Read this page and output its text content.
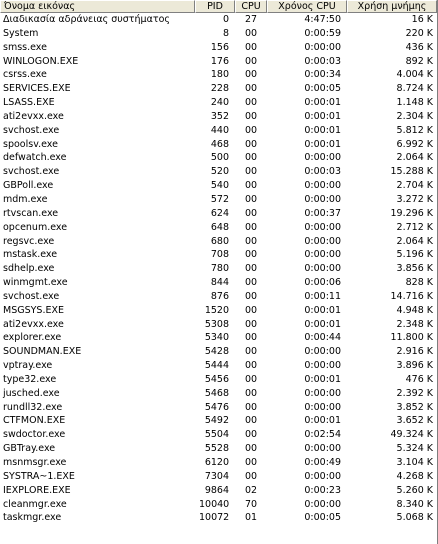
Όνομα εικόνας	PID	CPU	Χρόνος CPU	Χρήση μνήμης
Διαδικασία αδράνειας συστήματος	0	27	4:47:50	16 K
System	8	00	0:00:59	220 K
smss.exe	156	00	0:00:00	436 K
WINLOGON.EXE	176	00	0:00:03	892 K
csrss.exe	180	00	0:00:34	4.004 K
SERVICES.EXE	228	00	0:00:05	8.724 K
LSASS.EXE	240	00	0:00:01	1.148 K
ati2evxx.exe	352	00	0:00:01	2.304 K
svchost.exe	440	00	0:00:01	5.812 K
spoolsv.exe	468	00	0:00:01	6.992 K
defwatch.exe	500	00	0:00:00	2.064 K
svchost.exe	520	00	0:00:03	15.288 K
GBPoll.exe	540	00	0:00:00	2.704 K
mdm.exe	572	00	0:00:00	3.272 K
rtvscan.exe	624	00	0:00:37	19.296 K
opcenum.exe	648	00	0:00:00	2.712 K
regsvc.exe	680	00	0:00:00	2.064 K
mstask.exe	708	00	0:00:00	5.196 K
sdhelp.exe	780	00	0:00:00	3.856 K
winmgmt.exe	844	00	0:00:06	828 K
svchost.exe	876	00	0:00:11	14.716 K
MSGSYS.EXE	1520	00	0:00:01	4.948 K
ati2evxx.exe	5308	00	0:00:01	2.348 K
explorer.exe	5340	00	0:00:44	11.800 K
SOUNDMAN.EXE	5428	00	0:00:00	2.916 K
vptray.exe	5444	00	0:00:00	3.896 K
type32.exe	5456	00	0:00:01	476 K
jusched.exe	5468	00	0:00:00	2.392 K
rundll32.exe	5476	00	0:00:00	3.852 K
CTFMON.EXE	5492	00	0:00:01	3.652 K
swdoctor.exe	5504	00	0:02:54	49.324 K
GBTray.exe	5528	00	0:00:00	5.324 K
msnmsgr.exe	6120	00	0:00:49	3.104 K
SYSTRA~1.EXE	7304	00	0:00:00	4.268 K
IEXPLORE.EXE	9864	02	0:00:23	5.260 K
cleanmgr.exe	10040	70	0:00:00	8.340 K
taskmgr.exe	10072	01	0:00:05	5.068 K
